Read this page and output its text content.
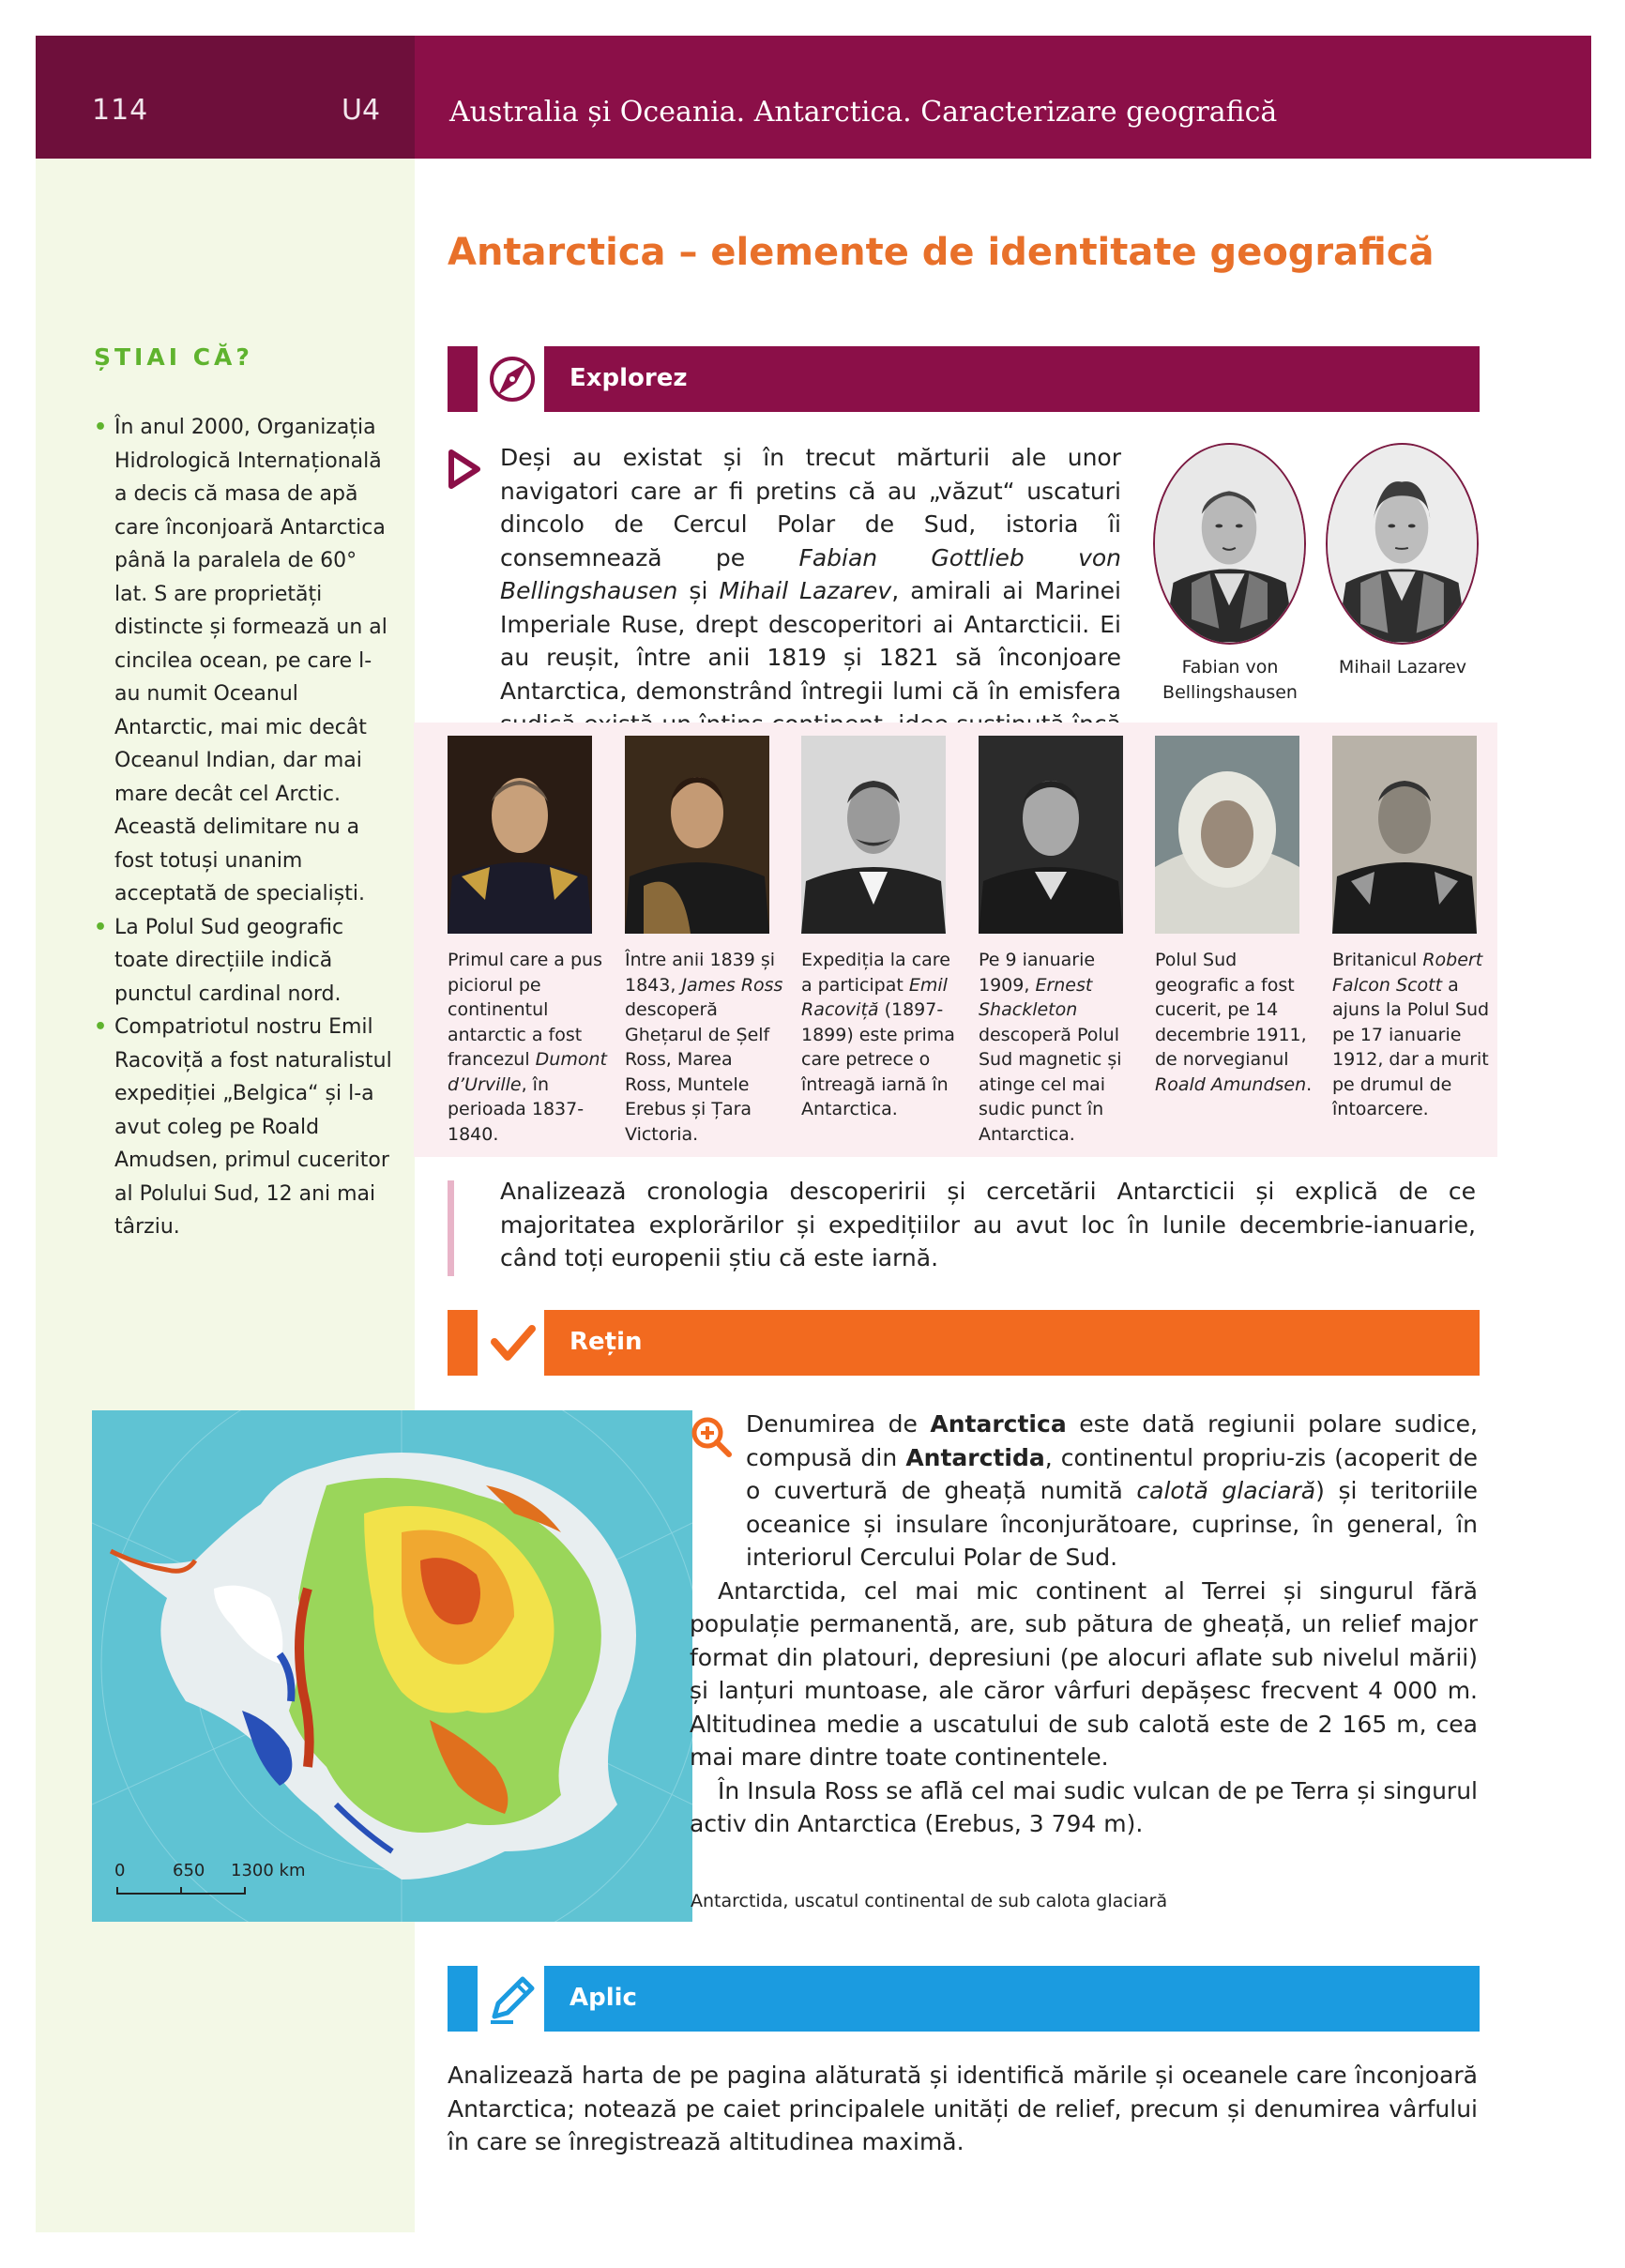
114	U4 Australia și Oceania. Antarctica. Caracterizare geografică
ȘTIAI CĂ?
• În anul 2000, Organizația Hidrologică Internațională a decis că masa de apă care înconjoară Antarctica până la paralela de 60° lat. S are proprietăți distincte și formează un al cincilea ocean, pe care l-au numit Oceanul Antarctic, mai mic decât Oceanul Indian, dar mai mare decât cel Arctic. Această delimitare nu a fost totuși unanim acceptată de specialiști.
• La Polul Sud geografic toate direcțiile indică punctul cardinal nord.
• Compatriotul nostru Emil Racoviță a fost naturalistul expediției „Belgica“ și l-a avut coleg pe Roald Amudsen, primul cuceritor al Polului Sud, 12 ani mai târziu.
Antarctica – elemente de identitate geografică
Explorez
Deși au existat și în trecut mărturii ale unor navigatori care ar fi pretins că au „văzut“ uscaturi dincolo de Cercul Polar de Sud, istoria îi consemnează pe Fabian Gottlieb von Bellingshausen și Mihail Lazarev, amirali ai Marinei Imperiale Ruse, drept descoperitori ai Antarcticii. Ei au reușit, între anii 1819 și 1821 să înconjoare Antarctica, demonstrând întregii lumi că în emisfera
Fabian von Bellingshausen
Mihail Lazarev
Primul care a pus piciorul pe continentul antarctic a fost francezul Dumont d’Urville, în perioada 1837-1840.
Între anii 1839 și 1843, James Ross descoperă Ghețarul de Șelf Ross, Marea Ross, Muntele Erebus și Țara Victoria.
Expediția la care a participat Emil Racoviță (1897-1899) este prima care petrece o întreagă iarnă în Antarctica.
Pe 9 ianuarie 1909, Ernest Shackleton descoperă Polul Sud magnetic și atinge cel mai sudic punct în Antarctica.
Polul Sud geografic a fost cucerit, pe 14 decembrie 1911, de norvegianul Roald Amundsen.
Britanicul Robert Falcon Scott a ajuns la Polul Sud pe 17 ianuarie 1912, dar a murit pe drumul de întoarcere.
Analizează cronologia descoperirii și cercetării Antarcticii și explică de ce majoritatea explorărilor și expedițiilor au avut loc în lunile decembrie-ianuarie, când toți europenii știu că este iarnă.
Rețin
0	650 1300 km
Antarctida, uscatul continental de sub calota glaciară

Denumirea de Antarctica este dată regiunii polare sudice, compusă din Antarctida, continentul propriu-zis (acoperit de o cuvertură de gheață numită calotă glaciară) și teritoriile oceanice și insulare înconjurătoare, cuprinse, în general, în interiorul Cercului Polar de Sud.

Antarctida, cel mai mic continent al Terrei și singurul fără populație permanentă, are, sub pătura de gheață, un relief major format din platouri, depresiuni (pe alocuri aflate sub nivelul mării) și lanțuri muntoase, ale căror vârfuri depășesc frecvent 4 000 m. Altitudinea medie a uscatului de sub calotă este de 2 165 m, cea mai mare dintre toate continentele.

În Insula Ross se află cel mai sudic vulcan de pe Terra și singurul activ din Antarctica (Erebus, 3 794 m).

Aplic
Analizează harta de pe pagina alăturată și identifică mările și oceanele care înconjoară Antarctica; notează pe caiet principalele unități de relief, precum și denumirea vârfului în care se înregistrează altitudinea maximă.
